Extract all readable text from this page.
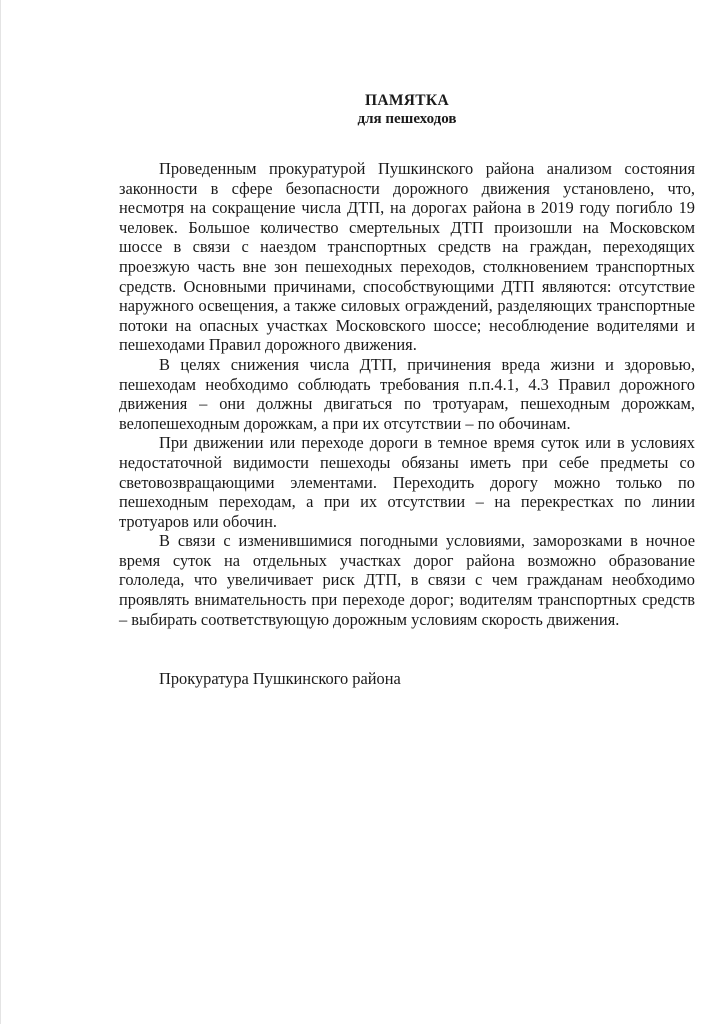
ПАМЯТКА

для пешеходов

Проведенным прокуратурой Пушкинского района анализом состояния законности в сфере безопасности дорожного движения установлено, что, несмотря на сокращение числа ДТП, на дорогах района в 2019 году погибло 19 человек. Большое количество смертельных ДТП произошли на Московском шоссе в связи с наездом транспортных средств на граждан, переходящих проезжую часть вне зон пешеходных переходов, столкновением транспортных средств. Основными причинами, способствующими ДТП являются: отсутствие наружного освещения, а также силовых ограждений, разделяющих транспортные потоки на опасных участках Московского шоссе; несоблюдение водителями и пешеходами Правил дорожного движения.

В целях снижения числа ДТП, причинения вреда жизни и здоровью, пешеходам необходимо соблюдать требования п.п.4.1, 4.3 Правил дорожного движения – они должны двигаться по тротуарам, пешеходным дорожкам, велопешеходным дорожкам, а при их отсутствии – по обочинам.

При движении или переходе дороги в темное время суток или в условиях недостаточной видимости пешеходы обязаны иметь при себе предметы со световозвращающими элементами. Переходить дорогу можно только по пешеходным переходам, а при их отсутствии – на перекрестках по линии тротуаров или обочин.

В связи с изменившимися погодными условиями, заморозками в ночное время суток на отдельных участках дорог района возможно образование гололеда, что увеличивает риск ДТП, в связи с чем гражданам необходимо проявлять внимательность при переходе дорог; водителям транспортных средств – выбирать соответствующую дорожным условиям скорость движения.

Прокуратура Пушкинского района
